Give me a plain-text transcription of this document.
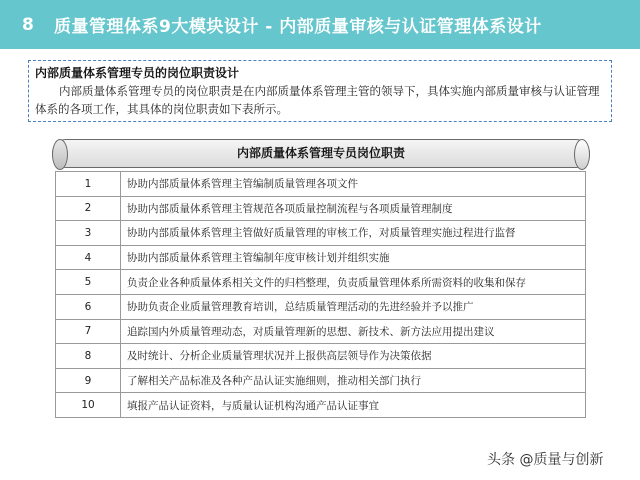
8	质量管理体系9大模块设计 - 内部质量审核与认证管理体系设计
内部质量体系管理专员的岗位职责设计
内部质量体系管理专员的岗位职责是在内部质量体系管理主管的领导下，具体实施内部质量审核与认证管理体系的各项工作，其具体的岗位职责如下表所示。
内部质量体系管理专员岗位职责
1	协助内部质量体系管理主管编制质量管理各项文件
2	协助内部质量体系管理主管规范各项质量控制流程与各项质量管理制度
3	协助内部质量体系管理主管做好质量管理的审核工作，对质量管理实施过程进行监督
4	协助内部质量体系管理主管编制年度审核计划并组织实施
5	负责企业各种质量体系相关文件的归档整理，负责质量管理体系所需资料的收集和保存
6	协助负责企业质量管理教育培训，总结质量管理活动的先进经验并予以推广
7	追踪国内外质量管理动态，对质量管理新的思想、新技术、新方法应用提出建议
8	及时统计、分析企业质量管理状况并上报供高层领导作为决策依据
9	了解相关产品标准及各种产品认证实施细则，推动相关部门执行
10	填报产品认证资料，与质量认证机构沟通产品认证事宜
头条 @质量与创新
